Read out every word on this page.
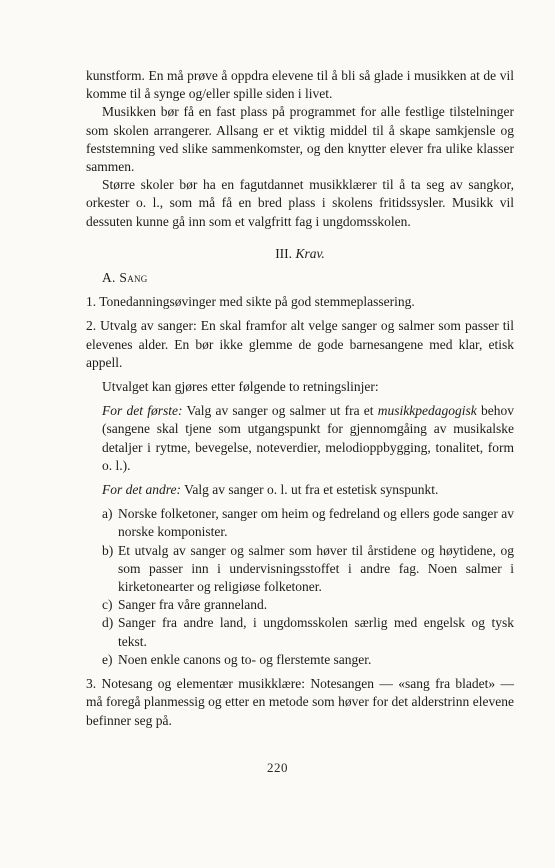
kunstform. En må prøve å oppdra elevene til å bli så glade i musikken at de vil komme til å synge og/eller spille siden i livet.

Musikken bør få en fast plass på programmet for alle festlige tilstelninger som skolen arrangerer. Allsang er et viktig middel til å skape samkjensle og feststemning ved slike sammenkomster, og den knytter elever fra ulike klasser sammen.

Større skoler bør ha en fagutdannet musikklærer til å ta seg av sangkor, orkester o. l., som må få en bred plass i skolens fritidssysler. Musikk vil dessuten kunne gå inn som et valgfritt fag i ungdomsskolen.

III. Krav.

A. Sang

1. Tonedanningsøvinger med sikte på god stemmeplassering.

2. Utvalg av sanger: En skal framfor alt velge sanger og salmer som passer til elevenes alder. En bør ikke glemme de gode barnesangene med klar, etisk appell.

Utvalget kan gjøres etter følgende to retningslinjer:

For det første: Valg av sanger og salmer ut fra et musikkpedagogisk behov (sangene skal tjene som utgangspunkt for gjennomgåing av musikalske detaljer i rytme, bevegelse, noteverdier, melodioppbygging, tonalitet, form o. l.).

For det andre: Valg av sanger o. l. ut fra et estetisk synspunkt.

a) Norske folketoner, sanger om heim og fedreland og ellers gode sanger av norske komponister.
b) Et utvalg av sanger og salmer som høver til årstidene og høytidene, og som passer inn i undervisningsstoffet i andre fag. Noen salmer i kirketonearter og religiøse folketoner.
c) Sanger fra våre granneland.
d) Sanger fra andre land, i ungdomsskolen særlig med engelsk og tysk tekst.
e) Noen enkle canons og to- og flerstemte sanger.

3. Notesang og elementær musikklære: Notesangen — «sang fra bladet» — må foregå planmessig og etter en metode som høver for det alderstrinn elevene befinner seg på.

220
